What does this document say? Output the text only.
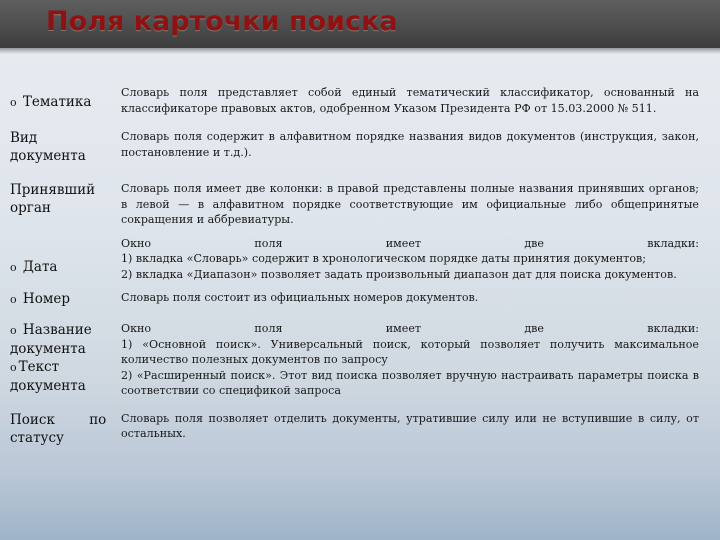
Поля карточки поиска
o Тематика
Словарь поля представляет собой единый тематический классификатор, основанный на классификаторе правовых актов, одобренном Указом Президента РФ от 15.03.2000 № 511.
Вид
документа
Словарь поля содержит в алфавитном порядке названия видов документов (инструкция, закон, постановление и т.д.).
Принявший
орган
Словарь поля имеет две колонки: в правой представлены полные названия принявших органов; в левой — в алфавитном порядке соответствующие им официальные либо общепринятые сокращения и аббревиатуры.
o Дата
Окно поля имеет две вкладки:
1) вкладка «Словарь» содержит в хронологическом порядке даты принятия документов;
2) вкладка «Диапазон» позволяет задать произвольный диапазон дат для поиска документов.
o Номер	Словарь поля состоит из официальных номеров документов.
o Название
документа
o Текст
документа
Окно поля имеет две вкладки:
1) «Основной поиск». Универсальный поиск, который позволяет получить максимальное количество полезных документов по запросу
2) «Расширенный поиск». Этот вид поиска позволяет вручную настраивать параметры поиска в соответствии со спецификой запроса
Поиск по
статусу
Словарь поля позволяет отделить документы, утратившие силу или не вступившие в силу, от остальных.
